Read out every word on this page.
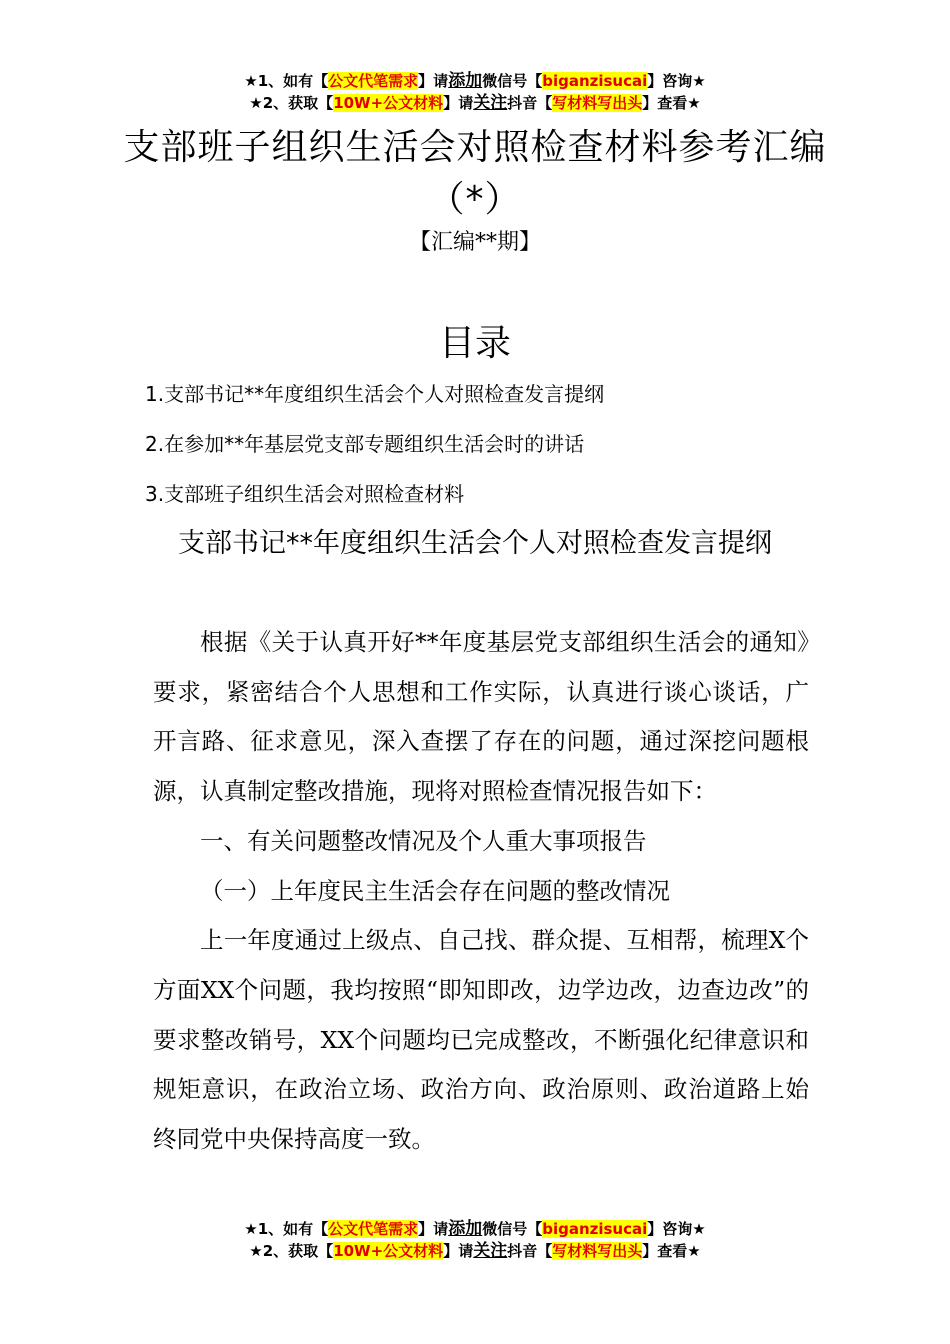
★1、如有【公文代笔需求】请添加微信号【biganzisucai】咨询★
★2、获取【10W+公文材料】请关注抖音【写材料写出头】查看★
支部班子组织生活会对照检查材料参考汇编（*）
【汇编**期】
目录
1.支部书记**年度组织生活会个人对照检查发言提纲
2.在参加**年基层党支部专题组织生活会时的讲话
3.支部班子组织生活会对照检查材料
支部书记**年度组织生活会个人对照检查发言提纲

根据《关于认真开好**年度基层党支部组织生活会的通知》要求，紧密结合个人思想和工作实际，认真进行谈心谈话，广开言路、征求意见，深入查摆了存在的问题，通过深挖问题根源，认真制定整改措施，现将对照检查情况报告如下：

一、有关问题整改情况及个人重大事项报告

（一）上年度民主生活会存在问题的整改情况

上一年度通过上级点、自己找、群众提、互相帮，梳理X个方面XX个问题，我均按照“即知即改，边学边改，边查边改”的要求整改销号，XX个问题均已完成整改，不断强化纪律意识和规矩意识，在政治立场、政治方向、政治原则、政治道路上始终同党中央保持高度一致。

★1、如有【公文代笔需求】请添加微信号【biganzisucai】咨询★
★2、获取【10W+公文材料】请关注抖音【写材料写出头】查看★
